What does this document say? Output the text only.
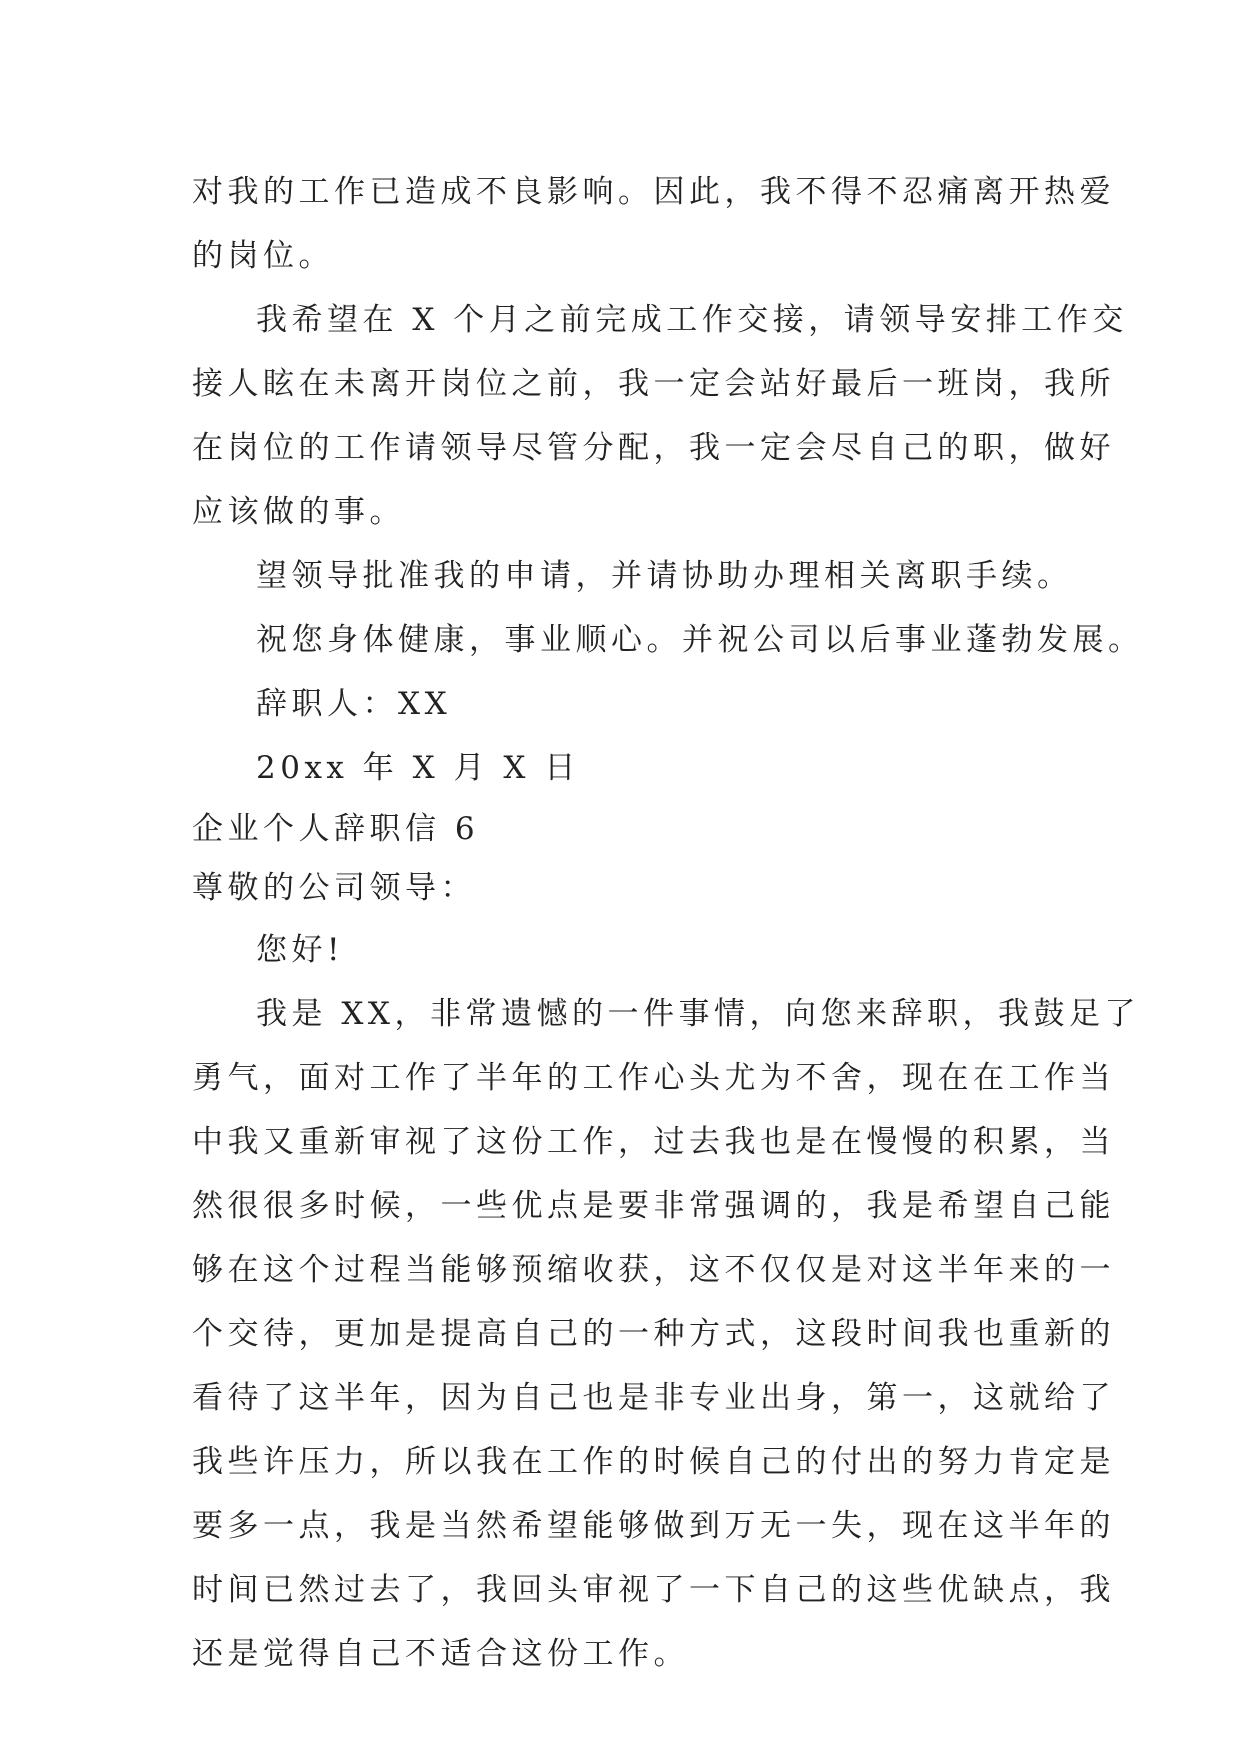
对我的工作已造成不良影响。因此，我不得不忍痛离开热爱
的岗位。
我希望在 X 个月之前完成工作交接，请领导安排工作交
接人眩在未离开岗位之前，我一定会站好最后一班岗，我所
在岗位的工作请领导尽管分配，我一定会尽自己的职，做好
应该做的事。
望领导批准我的申请，并请协助办理相关离职手续。
祝您身体健康，事业顺心。并祝公司以后事业蓬勃发展。
辞职人：XX
20xx 年 X 月 X 日
企业个人辞职信 6
尊敬的公司领导：
您好!
我是 XX，非常遗憾的一件事情，向您来辞职，我鼓足了
勇气，面对工作了半年的工作心头尤为不舍，现在在工作当
中我又重新审视了这份工作，过去我也是在慢慢的积累，当
然很很多时候，一些优点是要非常强调的，我是希望自己能
够在这个过程当能够预缩收获，这不仅仅是对这半年来的一
个交待，更加是提高自己的一种方式，这段时间我也重新的
看待了这半年，因为自己也是非专业出身，第一，这就给了
我些许压力，所以我在工作的时候自己的付出的努力肯定是
要多一点，我是当然希望能够做到万无一失，现在这半年的
时间已然过去了，我回头审视了一下自己的这些优缺点，我
还是觉得自己不适合这份工作。
